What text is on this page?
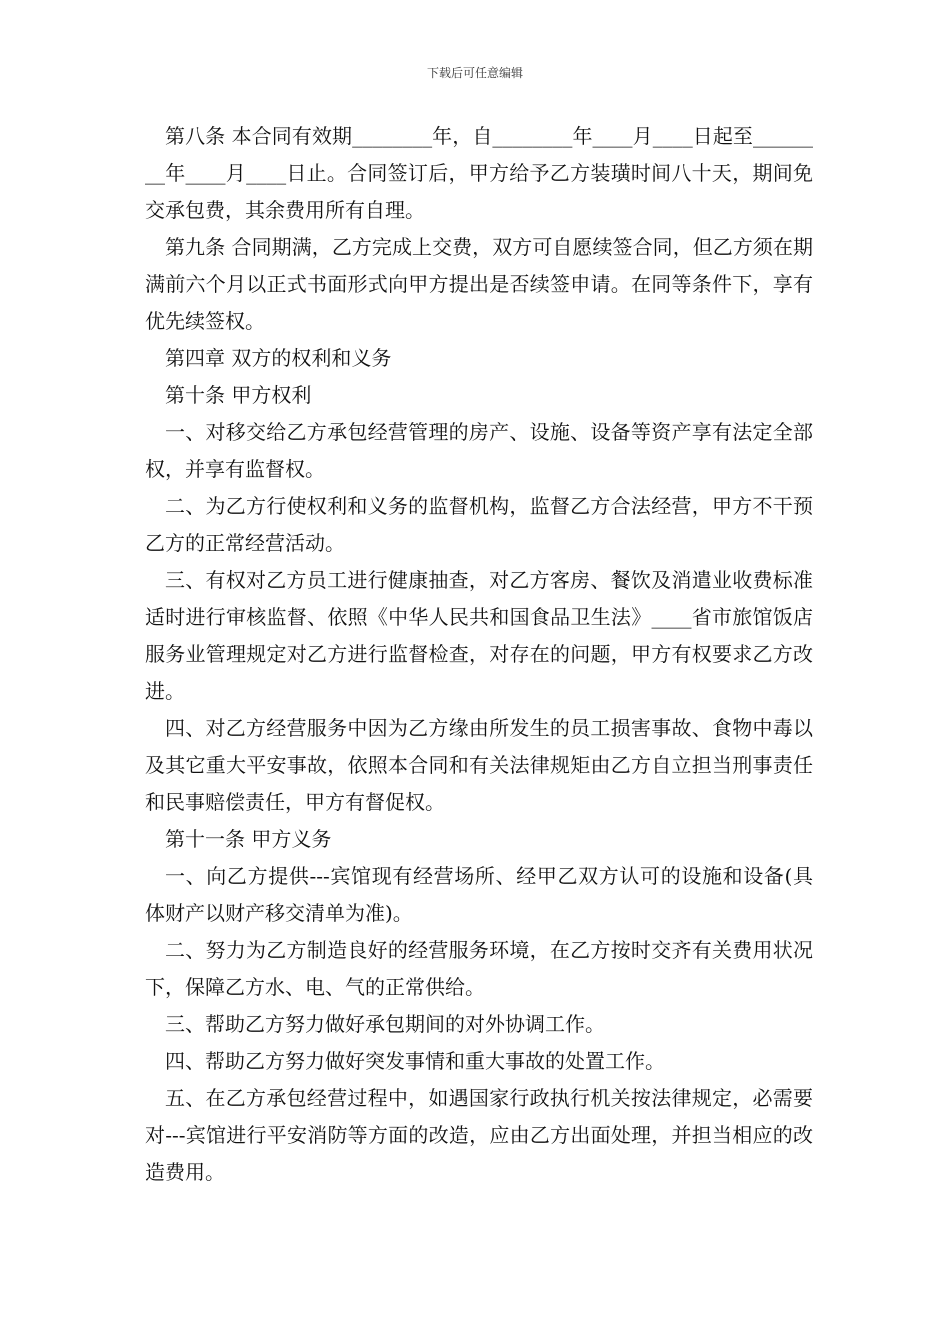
下载后可任意编辑

第八条 本合同有效期________年，自________年____月____日起至________年____月____日止。合同签订后，甲方给予乙方装璜时间八十天，期间免交承包费，其余费用所有自理。

第九条 合同期满，乙方完成上交费，双方可自愿续签合同，但乙方须在期满前六个月以正式书面形式向甲方提出是否续签申请。在同等条件下，享有优先续签权。

第四章 双方的权利和义务

第十条 甲方权利

一、对移交给乙方承包经营管理的房产、设施、设备等资产享有法定全部权，并享有监督权。

二、为乙方行使权利和义务的监督机构，监督乙方合法经营，甲方不干预乙方的正常经营活动。

三、有权对乙方员工进行健康抽查，对乙方客房、餐饮及消遣业收费标准适时进行审核监督、依照《中华人民共和国食品卫生法》____省市旅馆饭店服务业管理规定对乙方进行监督检查，对存在的问题，甲方有权要求乙方改进。

四、对乙方经营服务中因为乙方缘由所发生的员工损害事故、食物中毒以及其它重大平安事故，依照本合同和有关法律规矩由乙方自立担当刑事责任和民事赔偿责任，甲方有督促权。

第十一条 甲方义务

一、向乙方提供---宾馆现有经营场所、经甲乙双方认可的设施和设备(具体财产以财产移交清单为准)。

二、努力为乙方制造良好的经营服务环境，在乙方按时交齐有关费用状况下，保障乙方水、电、气的正常供给。

三、帮助乙方努力做好承包期间的对外协调工作。

四、帮助乙方努力做好突发事情和重大事故的处置工作。

五、在乙方承包经营过程中，如遇国家行政执行机关按法律规定，必需要对---宾馆进行平安消防等方面的改造，应由乙方出面处理，并担当相应的改造费用。
